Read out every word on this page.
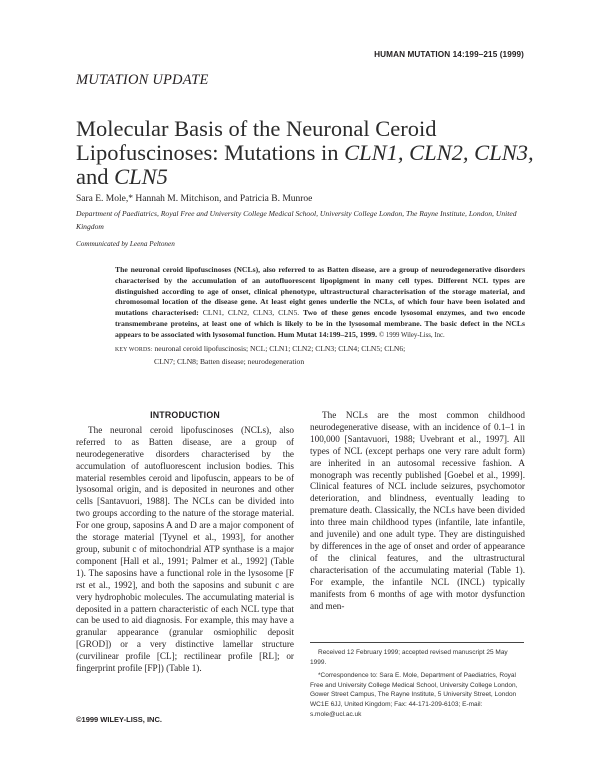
HUMAN MUTATION 14:199–215 (1999)
MUTATION UPDATE
Molecular Basis of the Neuronal Ceroid Lipofuscinoses: Mutations in CLN1, CLN2, CLN3, and CLN5
Sara E. Mole,* Hannah M. Mitchison, and Patricia B. Munroe
Department of Paediatrics, Royal Free and University College Medical School, University College London, The Rayne Institute, London, United Kingdom
Communicated by Leena Peltonen
The neuronal ceroid lipofuscinoses (NCLs), also referred to as Batten disease, are a group of neurodegenerative disorders characterised by the accumulation of an autofluorescent lipopigment in many cell types. Different NCL types are distinguished according to age of onset, clinical phenotype, ultrastructural characterisation of the storage material, and chromosomal location of the disease gene. At least eight genes underlie the NCLs, of which four have been isolated and mutations characterised: CLN1, CLN2, CLN3, CLN5. Two of these genes encode lysosomal enzymes, and two encode transmembrane proteins, at least one of which is likely to be in the lysosomal membrane. The basic defect in the NCLs appears to be associated with lysosomal function. Hum Mutat 14:199–215, 1999. © 1999 Wiley-Liss, Inc.
KEY WORDS: neuronal ceroid lipofuscinosis; NCL; CLN1; CLN2; CLN3; CLN4; CLN5; CLN6;
CLN7; CLN8; Batten disease; neurodegeneration
INTRODUCTION

The neuronal ceroid lipofuscinoses (NCLs), also referred to as Batten disease, are a group of neurodegenerative disorders characterised by the accumulation of autofluorescent inclusion bodies. This material resembles ceroid and lipofuscin, appears to be of lysosomal origin, and is deposited in neurones and other cells [Santavuori, 1988]. The NCLs can be divided into two groups according to the nature of the storage material. For one group, saposins A and D are a major component of the storage material [Tyynel et al., 1993], for another group, subunit c of mitochondrial ATP synthase is a major component [Hall et al., 1991; Palmer et al., 1992] (Table 1). The saposins have a functional role in the lysosome [F rst et al., 1992], and both the saposins and subunit c are very hydrophobic molecules. The accumulating material is deposited in a pattern characteristic of each NCL type that can be used to aid diagnosis. For example, this may have a granular appearance (granular osmiophilic deposit [GROD]) or a very distinctive lamellar structure (curvilinear profile [CL]; rectilinear profile [RL]; or fingerprint profile [FP]) (Table 1).

The NCLs are the most common childhood neurodegenerative disease, with an incidence of 0.1–1 in 100,000 [Santavuori, 1988; Uvebrant et al., 1997]. All types of NCL (except perhaps one very rare adult form) are inherited in an autosomal recessive fashion. A monograph was recently published [Goebel et al., 1999]. Clinical features of NCL include seizures, psychomotor deterioration, and blindness, eventually leading to premature death. Classically, the NCLs have been divided into three main childhood types (infantile, late infantile, and juvenile) and one adult type. They are distinguished by differences in the age of onset and order of appearance of the clinical features, and the ultrastructural characterisation of the accumulating material (Table 1). For example, the infantile NCL (INCL) typically manifests from 6 months of age with motor dysfunction and men-

Received 12 February 1999; accepted revised manuscript 25 May 1999.

*Correspondence to: Sara E. Mole, Department of Paediatrics, Royal Free and University College Medical School, University College London, Gower Street Campus, The Rayne Institute, 5 University Street, London WC1E 6JJ, United Kingdom; Fax: 44-171-209-6103; E-mail: s.mole@ucl.ac.uk

©1999 WILEY-LISS, INC.
